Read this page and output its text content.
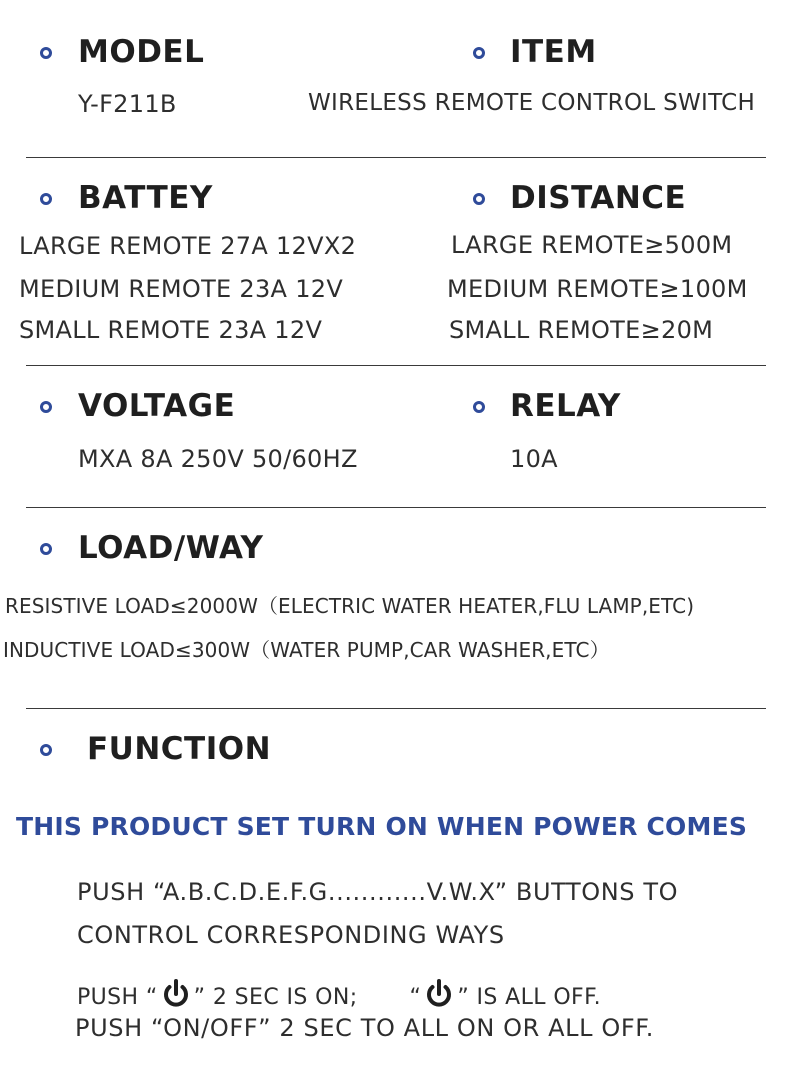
MODEL
Y-F211B
ITEM
WIRELESS REMOTE CONTROL SWITCH
BATTEY
LARGE REMOTE 27A 12VX2
MEDIUM REMOTE 23A 12V
SMALL REMOTE 23A 12V
DISTANCE
LARGE REMOTE≥500M
MEDIUM REMOTE≥100M
SMALL REMOTE≥20M
VOLTAGE
MXA 8A 250V 50/60HZ
RELAY
10A
LOAD/WAY
RESISTIVE LOAD≤2000W（ELECTRIC WATER HEATER,FLU LAMP,ETC)
INDUCTIVE LOAD≤300W（WATER PUMP,CAR WASHER,ETC）
FUNCTION
THIS PRODUCT SET TURN ON WHEN POWER COMES
PUSH “A.B.C.D.E.F.G............V.W.X” BUTTONS TO
CONTROL CORRESPONDING WAYS
PUSH “ ” 2 SEC IS ON; “ ” IS ALL OFF.
PUSH “ON/OFF” 2 SEC TO ALL ON OR ALL OFF.
